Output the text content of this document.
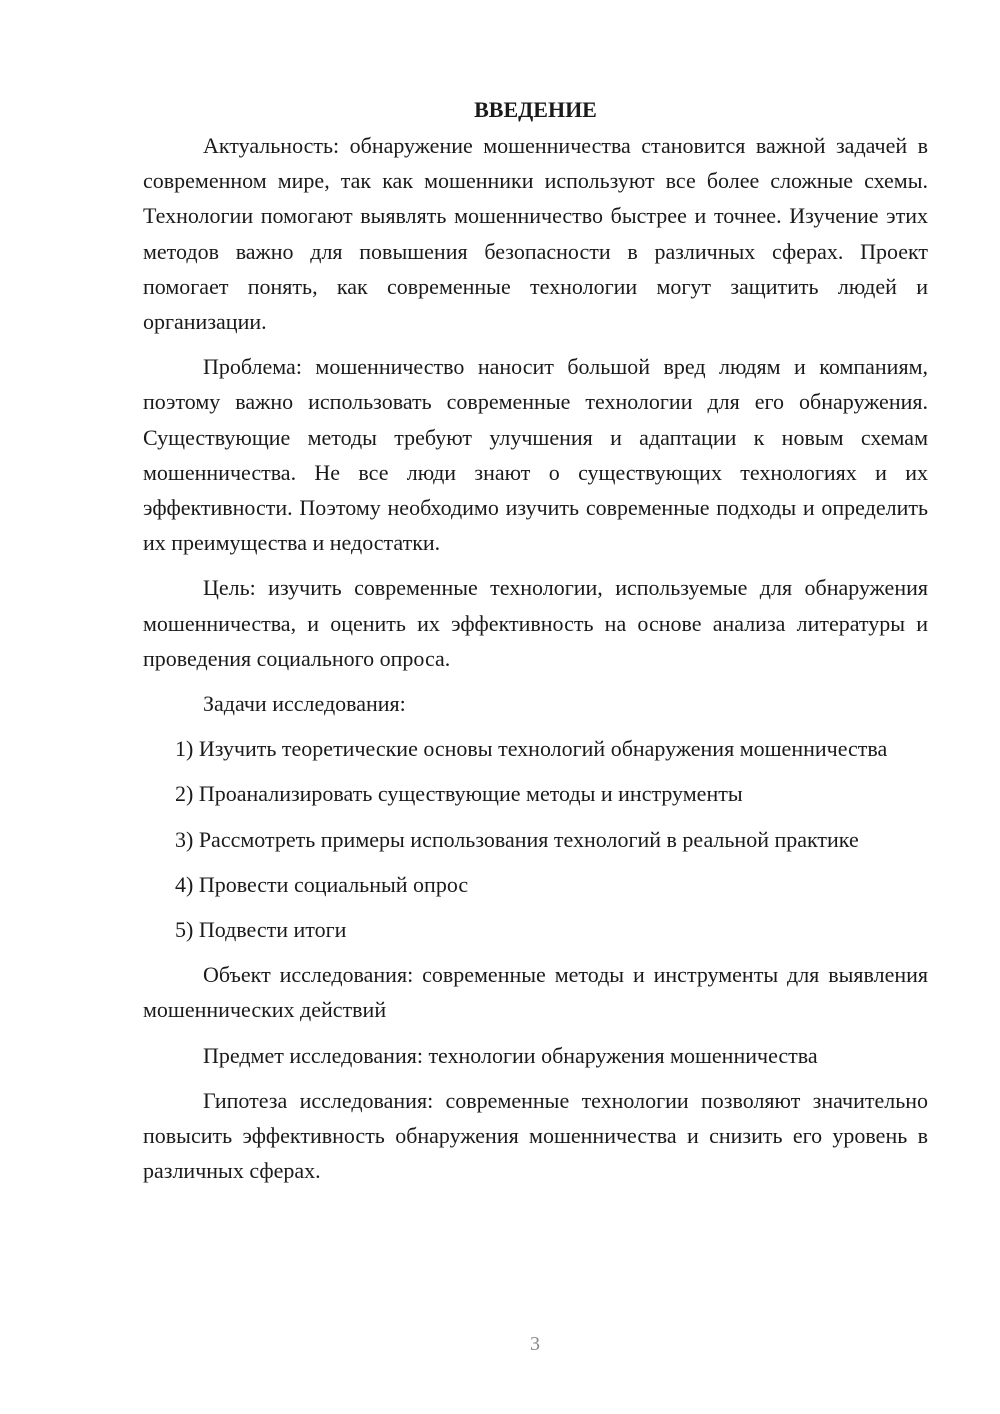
ВВЕДЕНИЕ

Актуальность: обнаружение мошенничества становится важной задачей в современном мире, так как мошенники используют все более сложные схемы. Технологии помогают выявлять мошенничество быстрее и точнее. Изучение этих методов важно для повышения безопасности в различных сферах. Проект помогает понять, как современные технологии могут защитить людей и организации.

Проблема: мошенничество наносит большой вред людям и компаниям, поэтому важно использовать современные технологии для его обнаружения. Существующие методы требуют улучшения и адаптации к новым схемам мошенничества. Не все люди знают о существующих технологиях и их эффективности. Поэтому необходимо изучить современные подходы и определить их преимущества и недостатки.

Цель: изучить современные технологии, используемые для обнаружения мошенничества, и оценить их эффективность на основе анализа литературы и проведения социального опроса.

Задачи исследования:

1) Изучить теоретические основы технологий обнаружения мошенничества

2) Проанализировать существующие методы и инструменты

3) Рассмотреть примеры использования технологий в реальной практике

4) Провести социальный опрос

5) Подвести итоги

Объект исследования: современные методы и инструменты для выявления мошеннических действий

Предмет исследования: технологии обнаружения мошенничества

Гипотеза исследования: современные технологии позволяют значительно повысить эффективность обнаружения мошенничества и снизить его уровень в различных сферах.

3
